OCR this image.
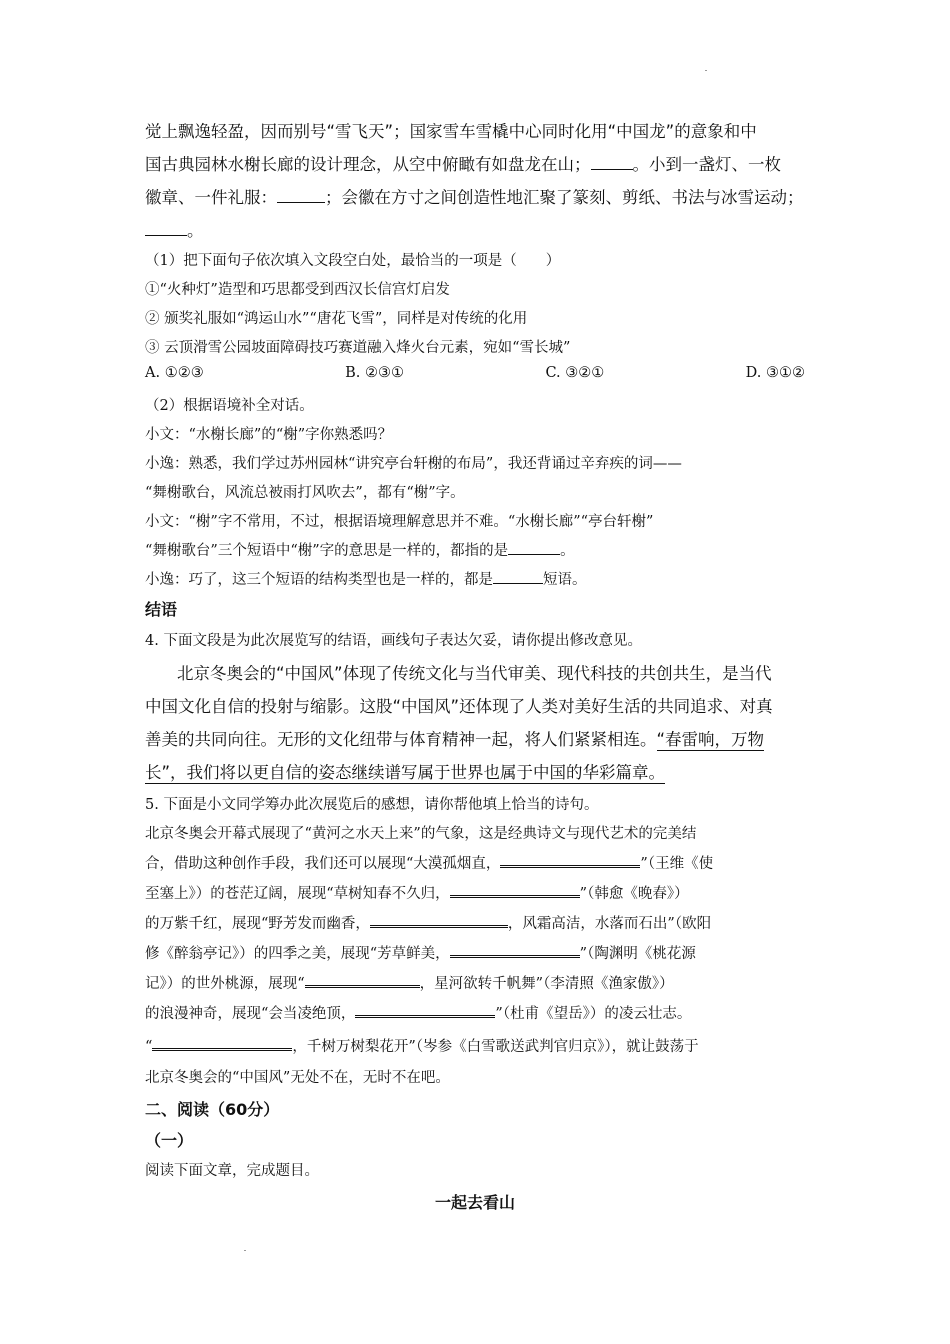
觉上飘逸轻盈，因而别号“雪飞天”；国家雪车雪橇中心同时化用“中国龙”的意象和中
国古典园林水榭长廊的设计理念，从空中俯瞰有如盘龙在山；	。小到一盏灯、一枚
徽章、一件礼服：	；会徽在方寸之间创造性地汇聚了篆刻、剪纸、书法与冰雪运动；
。
（1）把下面句子依次填入文段空白处，最恰当的一项是（　　）
①“火种灯”造型和巧思都受到西汉长信宫灯启发
② 颁奖礼服如“鸿运山水”“唐花飞雪”，同样是对传统的化用
③ 云顶滑雪公园坡面障碍技巧赛道融入烽火台元素，宛如“雪长城”
A. ①②③	B. ②③①	C. ③②①	D. ③①②
（2）根据语境补全对话。
小文：“水榭长廊”的“榭”字你熟悉吗？
小逸：熟悉，我们学过苏州园林“讲究亭台轩榭的布局”，我还背诵过辛弃疾的词——
“舞榭歌台，风流总被雨打风吹去”，都有“榭”字。
小文：“榭”字不常用，不过，根据语境理解意思并不难。“水榭长廊”“亭台轩榭”
“舞榭歌台”三个短语中“榭”字的意思是一样的，都指的是	。
小逸：巧了，这三个短语的结构类型也是一样的，都是	短语。
结语
4. 下面文段是为此次展览写的结语，画线句子表达欠妥，请你提出修改意见。
北京冬奥会的“中国风”体现了传统文化与当代审美、现代科技的共创共生，是当代
中国文化自信的投射与缩影。这股“中国风”还体现了人类对美好生活的共同追求、对真
善美的共同向往。无形的文化纽带与体育精神一起，将人们紧紧相连。“春雷响，万物
长”，我们将以更自信的姿态继续谱写属于世界也属于中国的华彩篇章。
5. 下面是小文同学筹办此次展览后的感想，请你帮他填上恰当的诗句。
北京冬奥会开幕式展现了“黄河之水天上来”的气象，这是经典诗文与现代艺术的完美结
合，借助这种创作手段，我们还可以展现“大漠孤烟直，	”（王维《使
至塞上》）的苍茫辽阔，展现“草树知春不久归，	”（韩愈《晚春》）
的万紫千红，展现“野芳发而幽香，	，风霜高洁，水落而石出”（欧阳
修《醉翁亭记》）的四季之美，展现“芳草鲜美，	”（陶渊明《桃花源
记》）的世外桃源，展现“	，星河欲转千帆舞”（李清照《渔家傲》）
的浪漫神奇，展现“会当凌绝顶，	”（杜甫《望岳》）的凌云壮志。
“	，千树万树梨花开”（岑参《白雪歌送武判官归京》），就让鼓荡于
北京冬奥会的“中国风”无处不在，无时不在吧。
二、阅读（60分）
（一）
阅读下面文章，完成题目。
一起去看山
